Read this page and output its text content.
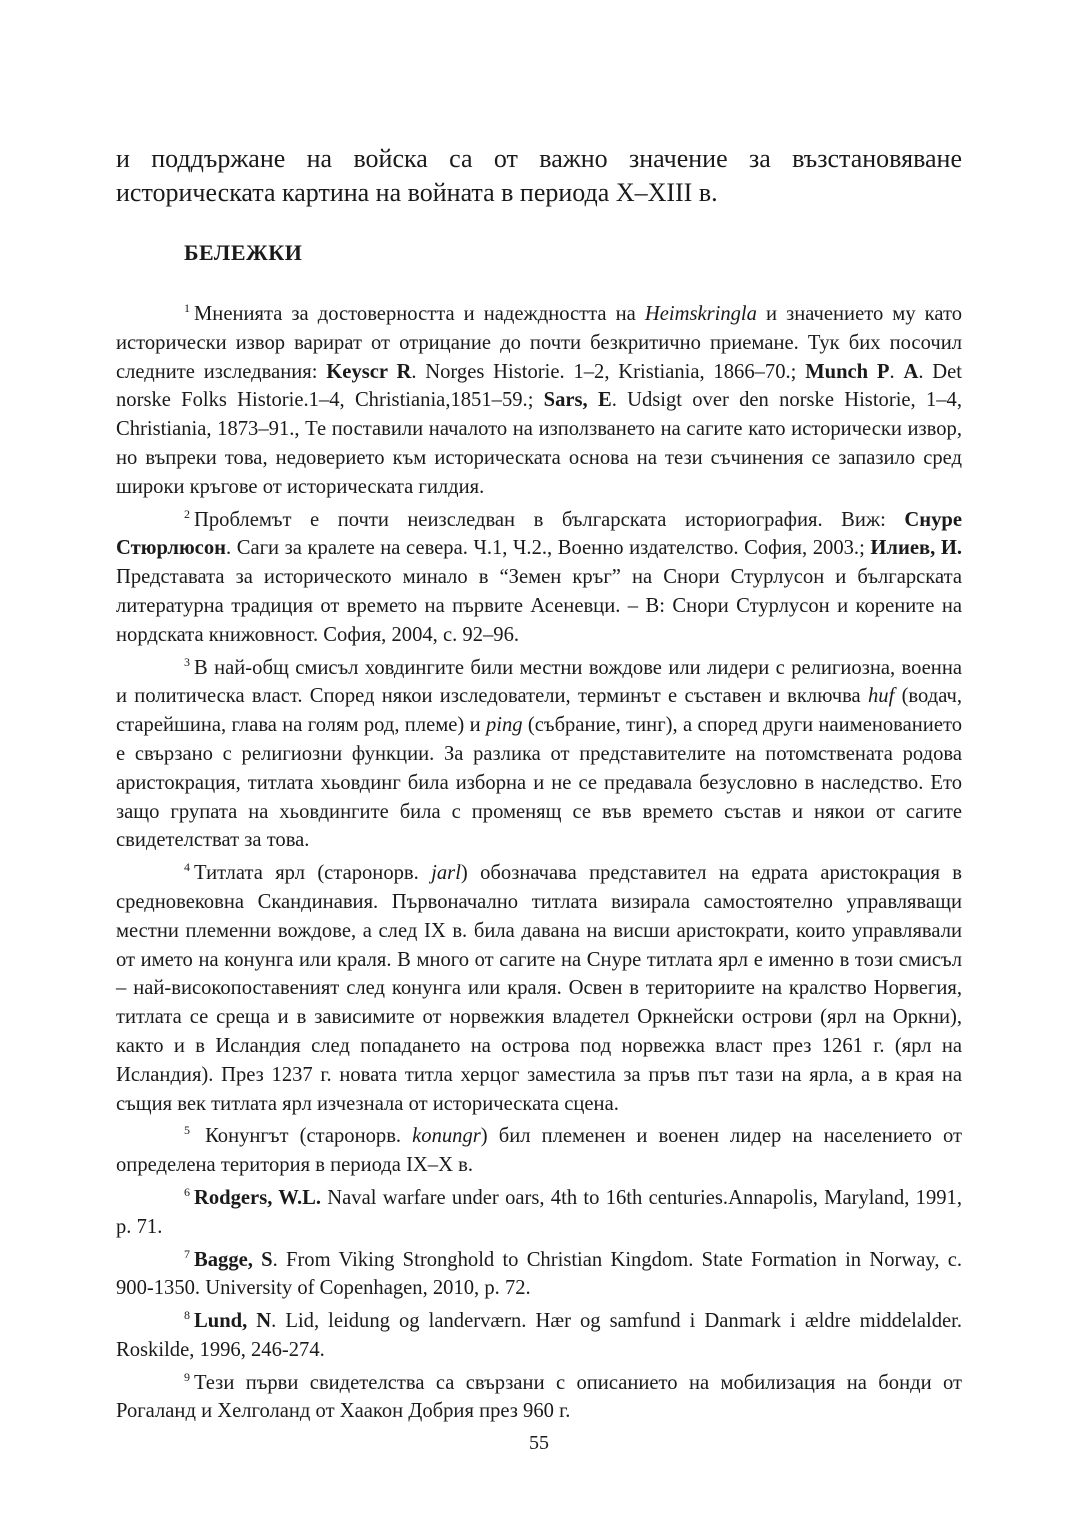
и поддържане на войска са от важно значение за възстановяване историческата картина на войната в периода X–XIII в.

БЕЛЕЖКИ

$^1$ Мненията за достоверността и надеждността на Heimskringla и значението му като исторически извор варират от отрицание до почти безкритично приемане. Тук бих посочил следните изследвания: Keyscr R. Norges Historie. 1–2, Kristiania, 1866–70.; Munch P. A. Det norske Folks Historie.1–4, Christiania,1851–59.; Sars, E. Udsigt over den norske Historie, 1–4, Christiania, 1873–91., Те поставили началото на използването на сагите като исторически извор, но въпреки това, недоверието към историческата основа на тези съчинения се запазило сред широки кръгове от историческата гилдия.

$^2$ Проблемът е почти неизследван в българската историография. Виж: Снуре Стюрлюсон. Саги за кралете на севера. Ч.1, Ч.2., Военно издателство. София, 2003.; Илиев, И. Представата за историческото минало в “Земен кръг” на Снори Стурлусон и българската литературна традиция от времето на първите Асеневци. – В: Снори Стурлусон и корените на нордската книжовност. София, 2004, с. 92–96.

$^3$ В най-общ смисъл ховдингите били местни вождове или лидери с религиозна, военна и политическа власт. Според някои изследователи, терминът е съставен и включва huf (водач, старейшина, глава на голям род, племе) и ping (събрание, тинг), а според други наименованието е свързано с религиозни функции. За разлика от представителите на потомствената родова аристокрация, титлата хьовдинг била изборна и не се предавала безусловно в наследство. Ето защо групата на хьовдингите била с променящ се във времето състав и някои от сагите свидетелстват за това.

$^4$ Титлата ярл (старонорв. jarl) обозначава представител на едрата аристокрация в средновековна Скандинавия. Първоначално титлата визирала самостоятелно управляващи местни племенни вождове, а след IX в. била давана на висши аристократи, които управлявали от името на конунга или краля. В много от сагите на Снуре титлата ярл е именно в този смисъл – най-високопоставеният след конунга или краля. Освен в териториите на кралство Норвегия, титлата се среща и в зависимите от норвежкия владетел Оркнейски острови (ярл на Оркни), както и в Исландия след попадането на острова под норвежка власт през 1261 г. (ярл на Исландия). През 1237 г. новата титла херцог заместила за пръв път тази на ярла, а в края на същия век титлата ярл изчезнала от историческата сцена.

$^5$ Конунгът (старонорв. konungr) бил племенен и военен лидер на населението от определена територия в периода IX–X в.

$^6$ Rodgers, W.L. Naval warfare under oars, 4th to 16th centuries.Annapolis, Maryland, 1991, p. 71.

$^7$ Bagge, S. From Viking Stronghold to Christian Kingdom. State Formation in Norway, c. 900-1350. University of Copenhagen, 2010, p. 72.

$^8$ Lund, N. Lid, leidung og landerværn. Hær og samfund i Danmark i ældre middelalder. Roskilde, 1996, 246-274.

$^9$ Тези първи свидетелства са свързани с описанието на мобилизация на бонди от Рогаланд и Хелголанд от Хаакон Добрия през 960 г.

55
